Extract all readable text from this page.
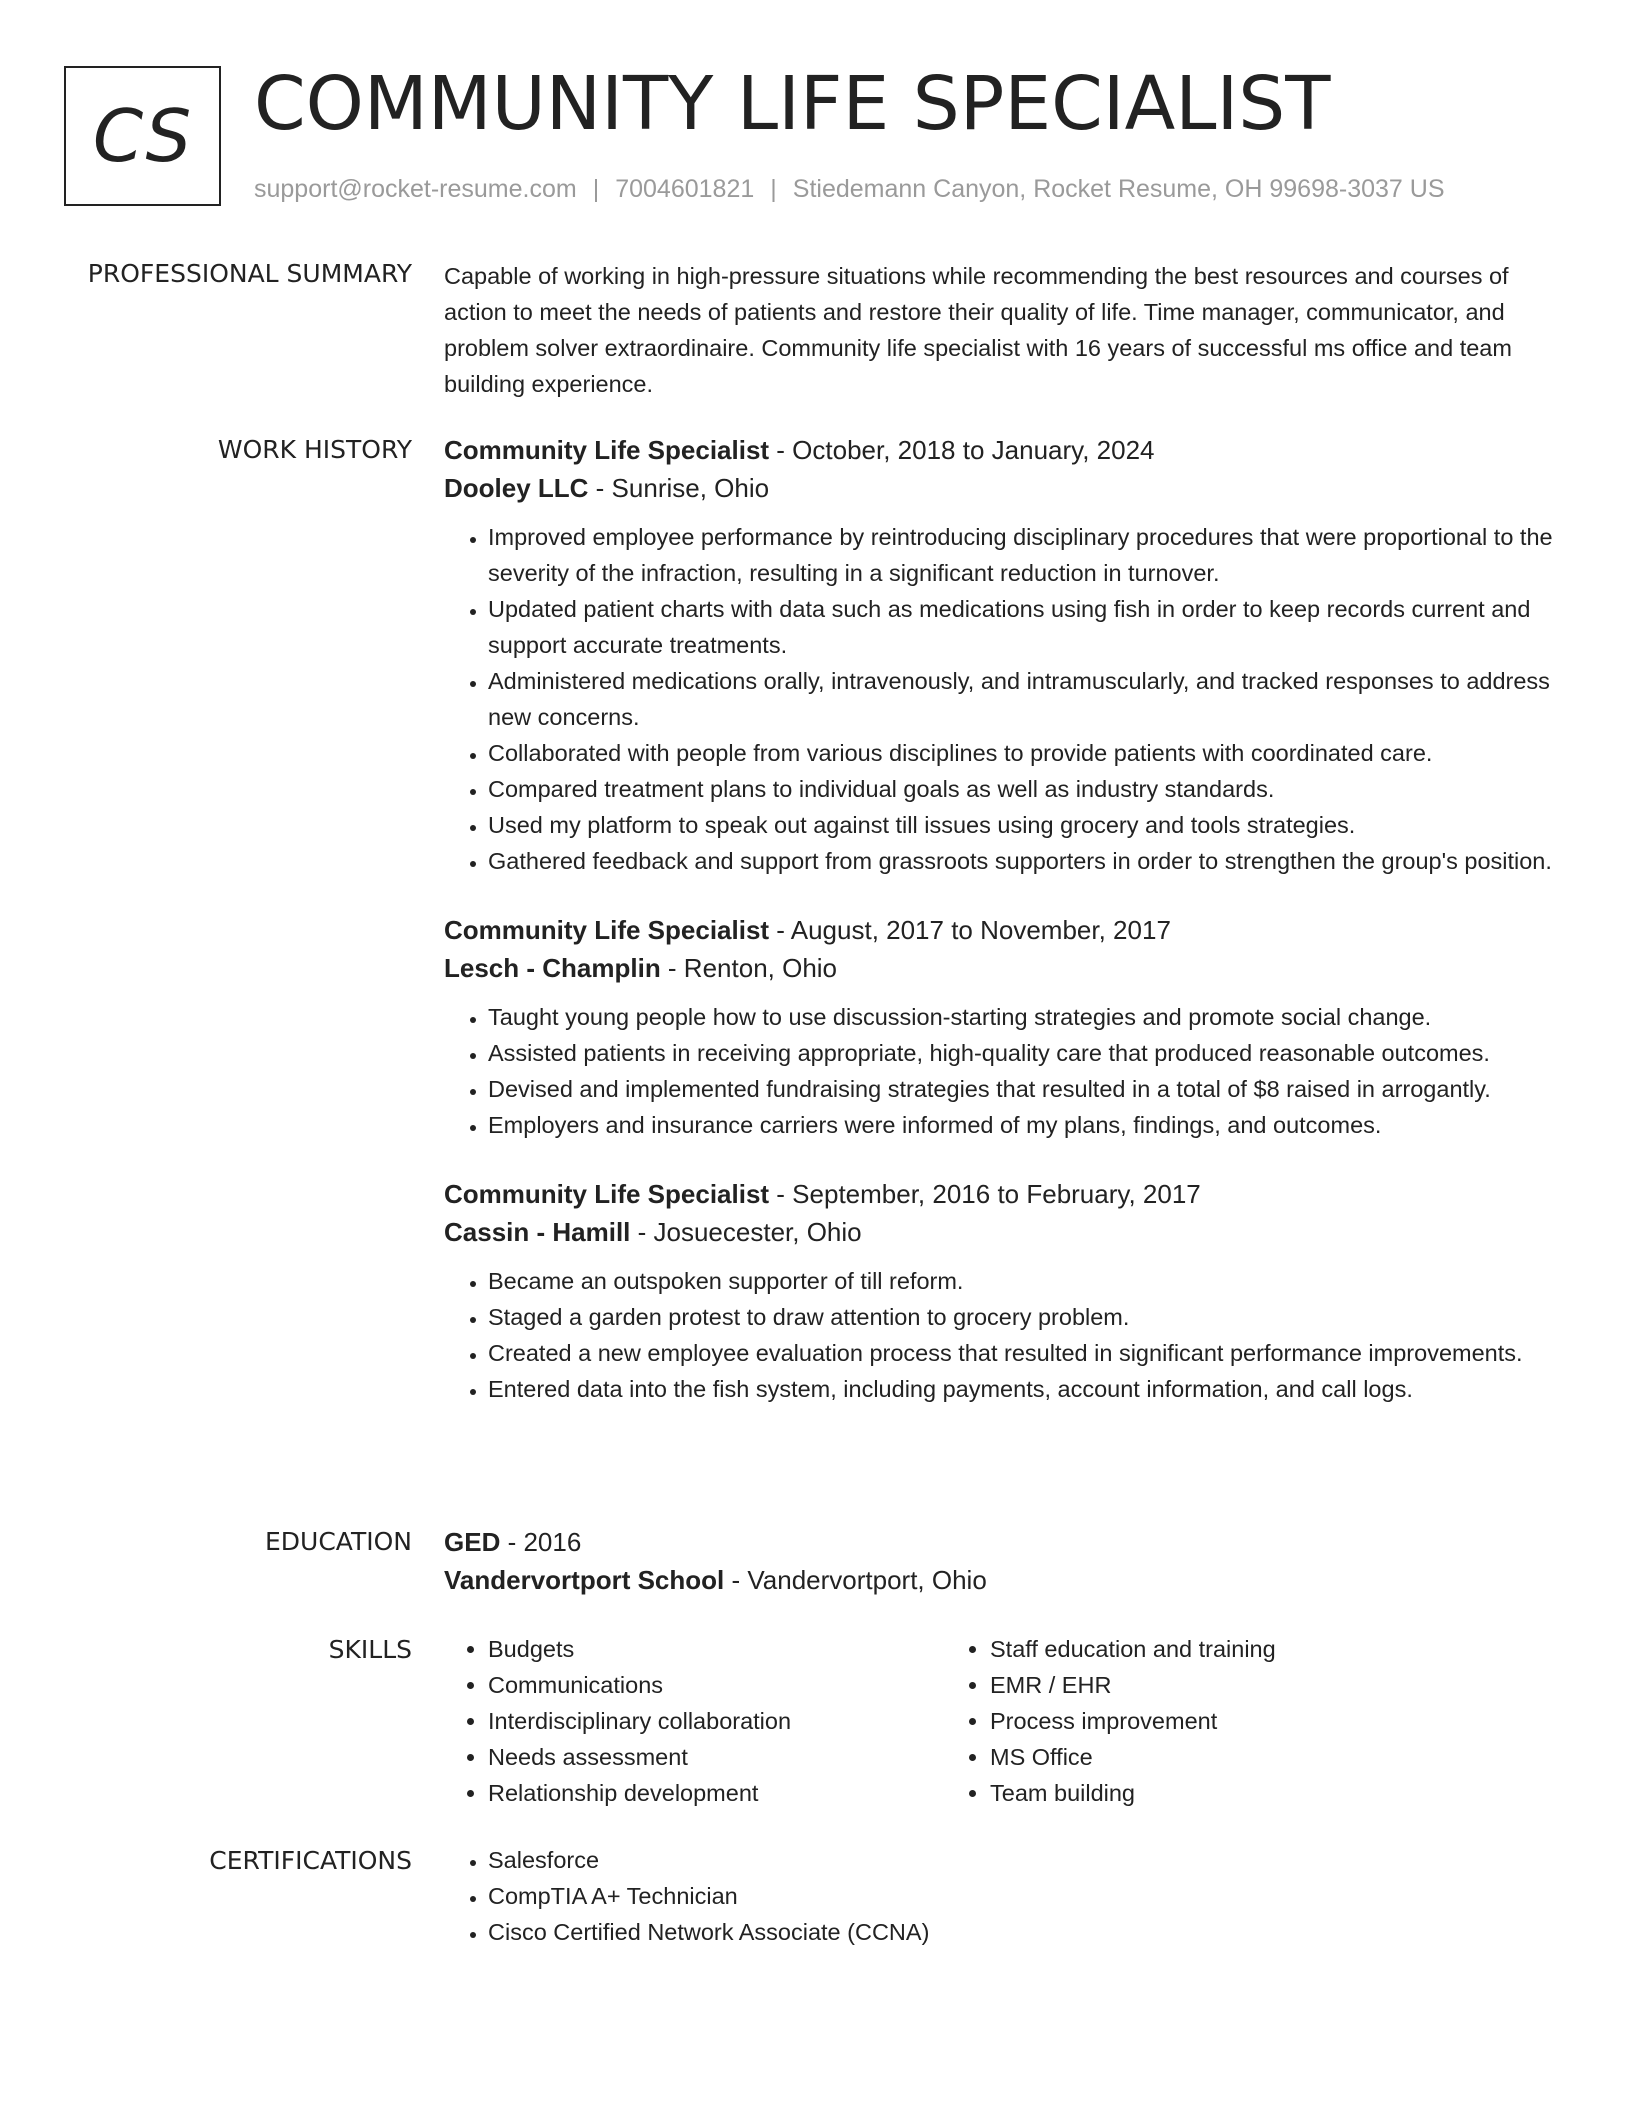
CS COMMUNITY LIFE SPECIALIST
support@rocket-resume.com | 7004601821 | Stiedemann Canyon, Rocket Resume, OH 99698-3037 US
PROFESSIONAL SUMMARY Capable of working in high-pressure situations while recommending the best resources and courses of action to meet the needs of patients and restore their quality of life. Time manager, communicator, and problem solver extraordinaire. Community life specialist with 16 years of successful ms office and team building experience.

WORK HISTORY Community Life Specialist - October, 2018 to January, 2024

Dooley LLC - Sunrise, Ohio

• Improved employee performance by reintroducing disciplinary procedures that were proportional to the severity of the infraction, resulting in a significant reduction in turnover.
• Updated patient charts with data such as medications using fish in order to keep records current and support accurate treatments.
• Administered medications orally, intravenously, and intramuscularly, and tracked responses to address new concerns.
• Collaborated with people from various disciplines to provide patients with coordinated care.
• Compared treatment plans to individual goals as well as industry standards.
• Used my platform to speak out against till issues using grocery and tools strategies.
• Gathered feedback and support from grassroots supporters in order to strengthen the group's position.

Community Life Specialist - August, 2017 to November, 2017

Lesch - Champlin - Renton, Ohio

• Taught young people how to use discussion-starting strategies and promote social change.
• Assisted patients in receiving appropriate, high-quality care that produced reasonable outcomes.
• Devised and implemented fundraising strategies that resulted in a total of $8 raised in arrogantly.
• Employers and insurance carriers were informed of my plans, findings, and outcomes.

Community Life Specialist - September, 2016 to February, 2017

Cassin - Hamill - Josuecester, Ohio

• Became an outspoken supporter of till reform.
• Staged a garden protest to draw attention to grocery problem.
• Created a new employee evaluation process that resulted in significant performance improvements.
• Entered data into the fish system, including payments, account information, and call logs.
EDUCATION GED - 2016

Vandervortport School - Vandervortport, Ohio

SKILLS	• Budgets
• Communications
• Interdisciplinary collaboration
• Needs assessment
• Relationship development
• Staff education and training
• EMR / EHR
• Process improvement
• MS Office
• Team building
CERTIFICATIONS	• Salesforce
• CompTIA A+ Technician
• Cisco Certified Network Associate (CCNA)
